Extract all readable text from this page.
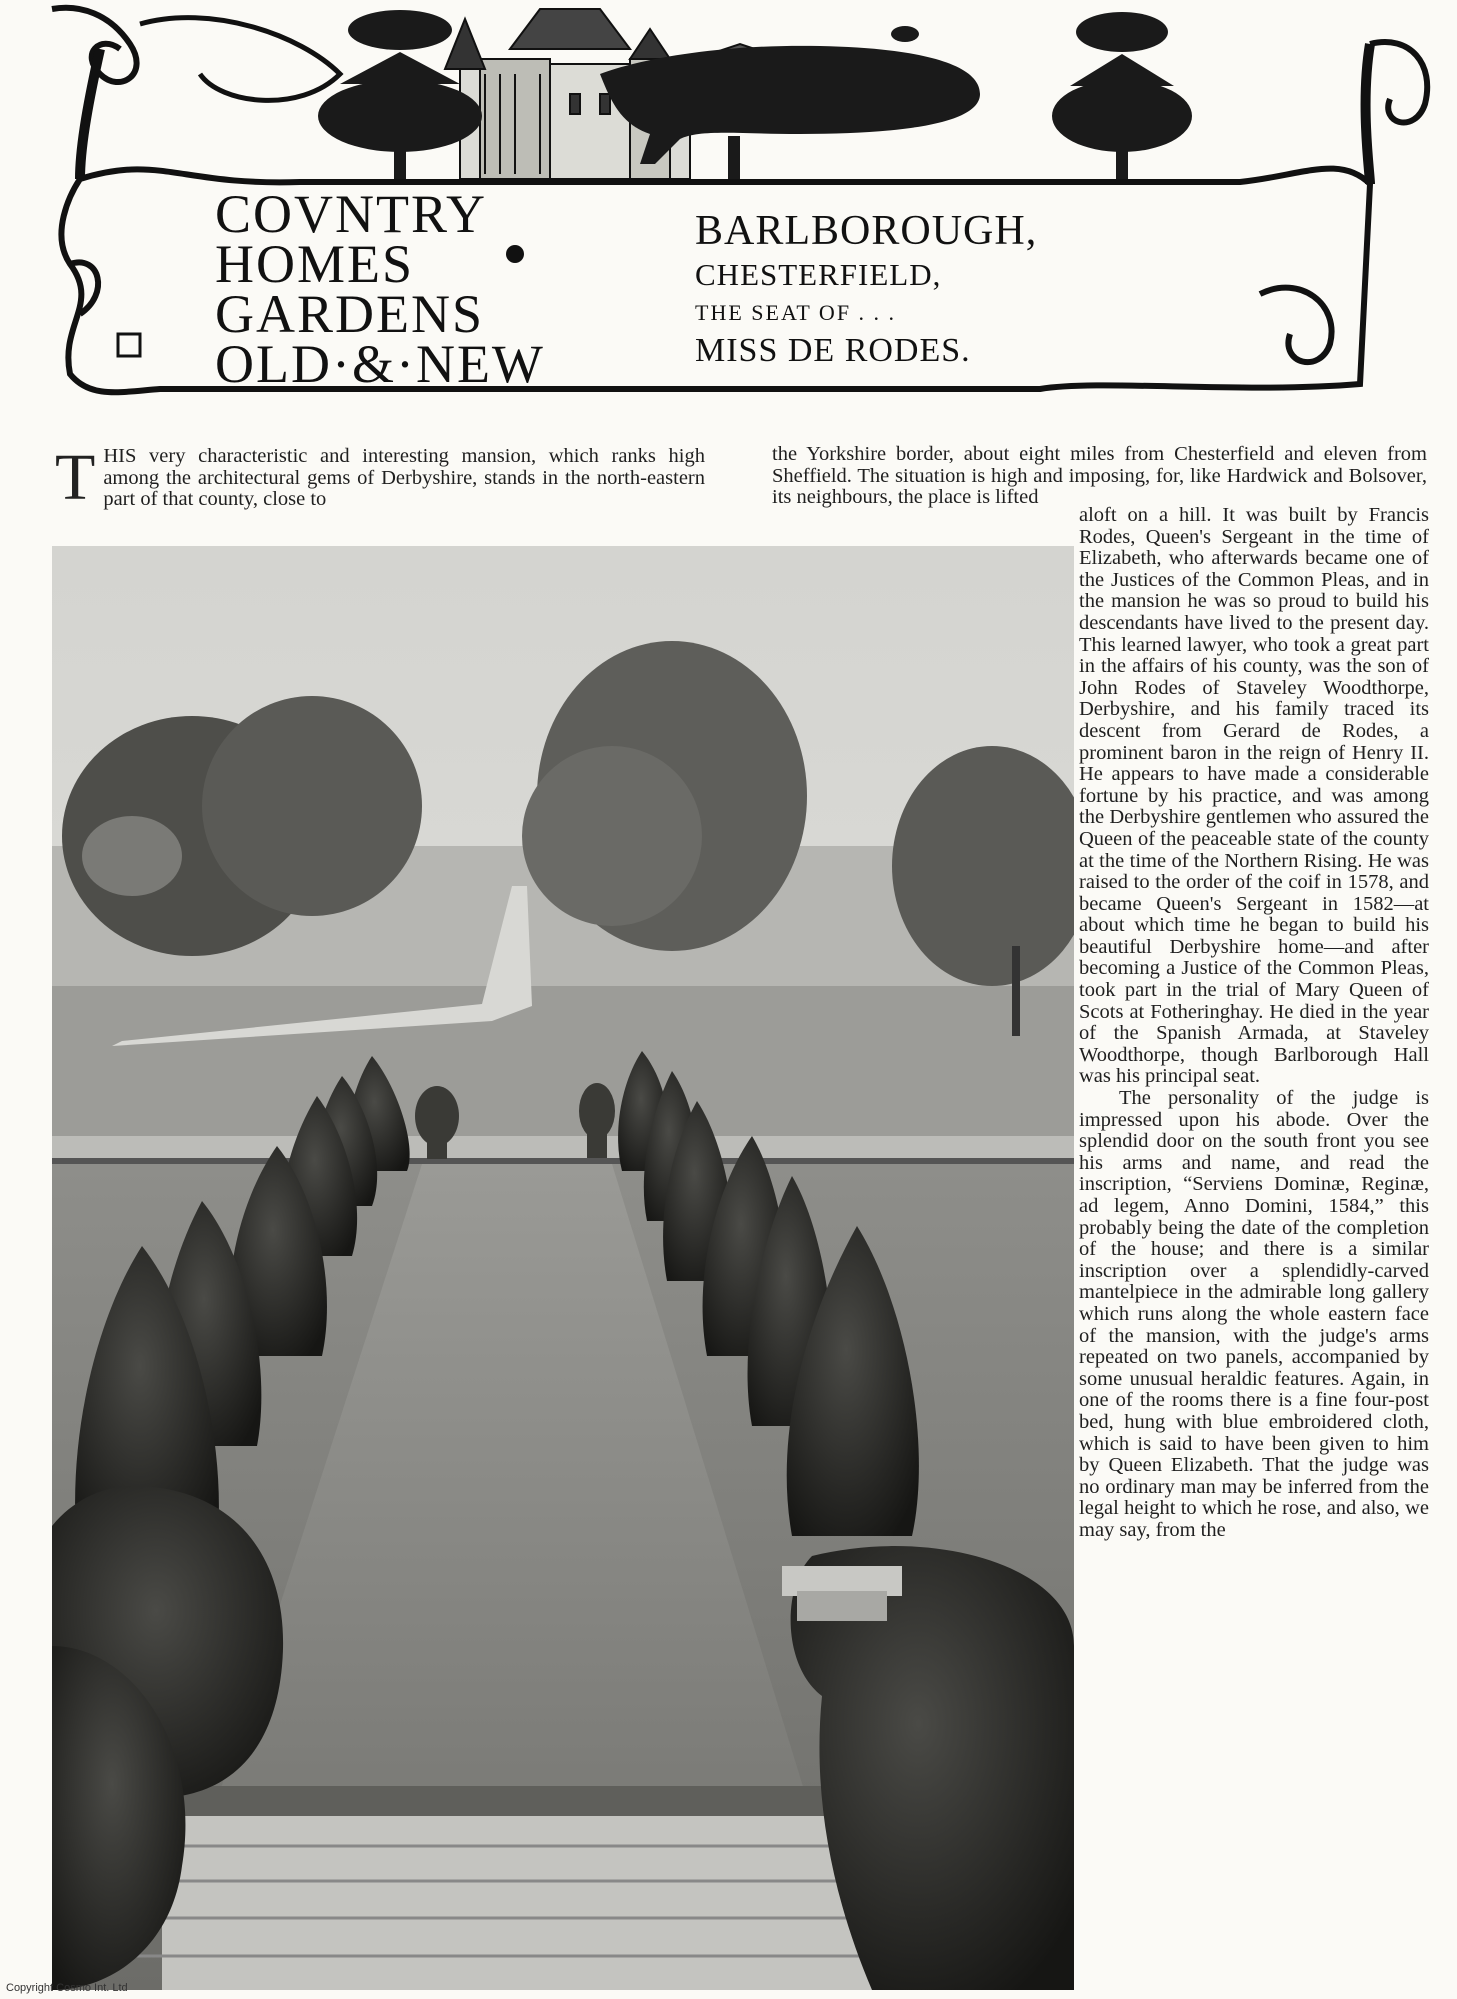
COVNTRY
HOMES
GARDENS
OLD·&·NEW
BARLBOROUGH,
CHESTERFIELD,
THE SEAT OF . . .
MISS DE RODES.
T HIS very characteristic and interesting mansion, which ranks high among the architectural gems of Derbyshire, stands in the north-eastern part of that county, close to
the Yorkshire border, about eight miles from Chesterfield and eleven from Sheffield. The situation is high and imposing, for, like Hardwick and Bolsover, its neighbours, the place is lifted

aloft on a hill. It was built by Francis Rodes, Queen's Sergeant in the time of Elizabeth, who afterwards became one of the Justices of the Common Pleas, and in the mansion he was so proud to build his descendants have lived to the present day. This learned lawyer, who took a great part in the affairs of his county, was the son of John Rodes of Staveley Woodthorpe, Derbyshire, and his family traced its descent from Gerard de Rodes, a prominent baron in the reign of Henry II. He appears to have made a considerable fortune by his practice, and was among the Derbyshire gentlemen who assured the Queen of the peaceable state of the county at the time of the Northern Rising. He was raised to the order of the coif in 1578, and became Queen's Sergeant in 1582—at about which time he began to build his beautiful Derbyshire home—and after becoming a Justice of the Common Pleas, took part in the trial of Mary Queen of Scots at Fotheringhay. He died in the year of the Spanish Armada, at Staveley Woodthorpe, though Barlborough Hall was his principal seat.

The personality of the judge is impressed upon his abode. Over the splendid door on the south front you see his arms and name, and read the inscription, “Serviens Dominæ, Reginæ, ad legem, Anno Domini, 1584,” this probably being the date of the completion of the house; and there is a similar inscription over a splendidly-carved mantelpiece in the admirable long gallery which runs along the whole eastern face of the mansion, with the judge's arms repeated on two panels, accompanied by some unusual heraldic features. Again, in one of the rooms there is a fine four-post bed, hung with blue embroidered cloth, which is said to have been given to him by Queen Elizabeth. That the judge was no ordinary man may be inferred from the legal height to which he rose, and also, we may say, from the

Copyright Cosmo Int. Ltd
